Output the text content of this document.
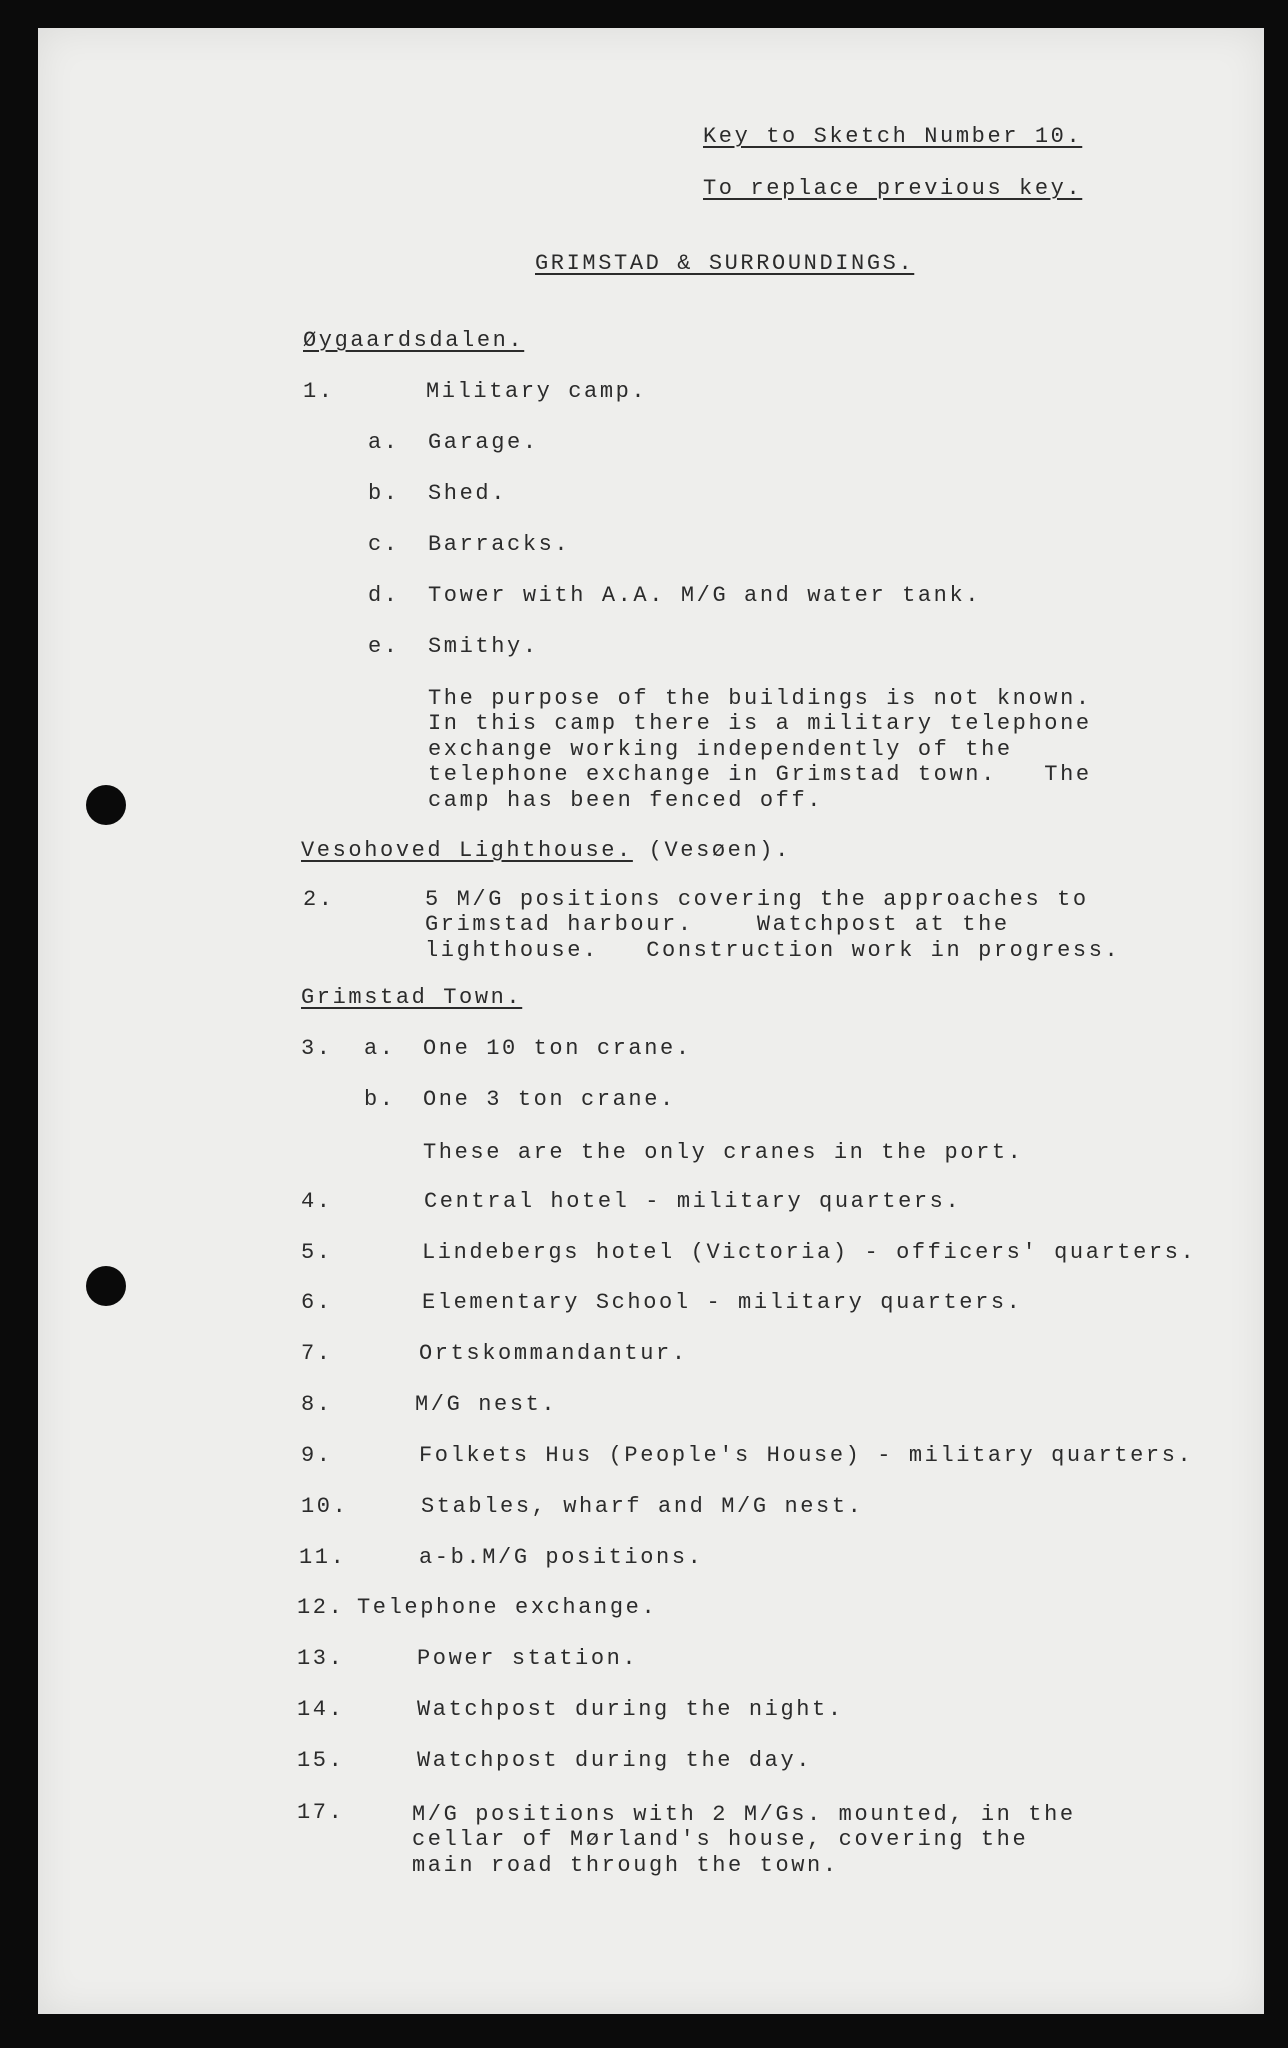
Key to Sketch Number 10.
To replace previous key.
GRIMSTAD & SURROUNDINGS.
Øygaardsdalen.
1.	Military camp.
a. Garage.
b. Shed.
c. Barracks.
d. Tower with A.A. M/G and water tank.
e. Smithy.
The purpose of the buildings is not known.
In this camp there is a military telephone
exchange working independently of the
telephone exchange in Grimstad town.   The
camp has been fenced off.
Vesohoved Lighthouse. (Vesøen).
2.	5 M/G positions covering the approaches to
Grimstad harbour.    Watchpost at the
lighthouse.   Construction work in progress.
Grimstad Town.
3. a. One 10 ton crane.
b. One 3 ton crane.
These are the only cranes in the port.
4.	Central hotel - military quarters.
5.	Lindebergs hotel (Victoria) - officers' quarters.
6.	Elementary School - military quarters.
7.	Ortskommandantur.
8.	M/G nest.
9.	Folkets Hus (People's House) - military quarters.
10.	Stables, wharf and M/G nest.
11.	a-b.M/G positions.
12. Telephone exchange.
13.	Power station.
14.	Watchpost during the night.
15.	Watchpost during the day.
17.	M/G positions with 2 M/Gs. mounted, in the
cellar of Mørland's house, covering the
main road through the town.
